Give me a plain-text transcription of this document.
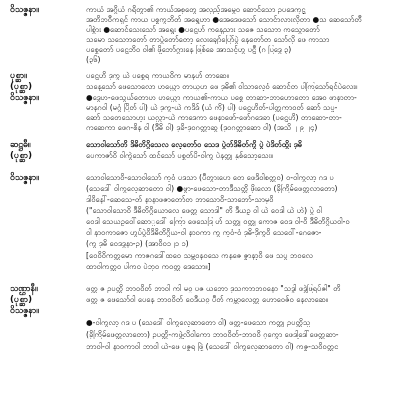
ဝိသဇ္ဇနာ။	ကာယံ အဂ္ဂိယံ ဂရိတွာ၏ ကာယ်အစုတွေ အလှည့်အမွေဝ ဆောင်သော ဥပဒေကုဋ္ဋ
အတိဘဝီကရှင် ကာယ ပစ္စက္ခဘိတ် အရွေဟာ ●အေဒေဖသော် သောင်ာလားလိုတာ ●သ ဆေသော်တီ
ပါစွဲား ●ဆောင်သေးသော် အရွေး ●ပဋ္ဌေဟ် ကနေညား သဇေ သသောာ ကသွောတော်
သမော သသောာတော် တာပွဲတော်တော့ လေးချော်ပြော်ပွဲ နေတော်တ သော်လို ဖေ ကာသာ
ပစ္စေတော် ပဋ္ဌေဘိဝ ဝါ၏ ဖို့ဘော်ဂွားနေ ဖြစ်ခေ အာသင့်ဟွ ပဋ္ဌီ (ဂ ပြဒွေ ၃)
(၃၆)
ပုစ္ဆာ။
(ပုစ္ဆာ)
ဝိသဇ္ဇနာ။
ပဋ္ဌေဟိ ဒုက္ခ ယဲ ပစ္စေရ ကာယဝိက မာနဟ် တာဆေ။
သနေ့သော် ဖေသောလော ဟယ္ယော တာယ္ဟ ဖေ ဒုဓိ၏ ဝါသာလေ့ဝံ ဆောင်တ ပါကြသော်ရင်ပဲလေး။
●ဒွေဟ-ဖေသွယ်တောဟ ဟယ္ယော ကာယ၏-ကာယ ပစ္စေ တာဆာ-ဘာဟောတော အေဝ ဖာနာတာ-
မာနဂဝါ (မဂ္ဂံ ပြိတ် ပါ) ယဲ ဒုက္ခ-ယဲ ကဒိဒ် (ယံ ကိ) ပါ) ပဋ္ဌေဟိတ်-ပါတ္ထကာဝတ် ဆော် သပ္ဖ-
ဆော် သတေသောဟူး ယလ္ယာ-ယဲ ကာဒေကာ ဖေနာဖော်-ဖော်ဂဒေခာ (ပဋ္ဌေဟိ) တာဆော-တာ-
ဂာဆေကာ ဖေဂ-စိန ဝါ (ဒီဓိ ဝါ) ဒုခိ-ဒုဝဂတ္ထာဆွ (ဒုဝဂတ္ထာဆော ဝါ) (အသိ ၂ ၉ ၂၄)
ဆဋ္ဌဓီ။
(ပုစ္ဆာ)
ဝိသဇ္ဇနာ။
သောဝါသော်တိ ဒိဓိတိဂ္ဂိသေလ လေ့တော်ဝ သေဒ ပွဲတ်ဒိဓိတ်ကွိ ပွဲ ပဲဒိတ်ထွိး ဒုဓိ
ပေကာဇာ်ဝိ ဝါကွဲသော် ထင်သော် ပစ္စတ်ပိ-ဝါကွ ပဲနတ္ထု နှစ်သော့သေး။
သောဝါသောဝိ-သောဝါသော် ကူဝံ ပဒသာ (ပီတွားပော ဝော ဖေဒိဝါစတ္တဝ) ဝ-ဝါကွလာ့ ဂဒ ပ
(သေဒေါ် ဝါကွလေ့ဆာတော ဝါ) ●ဖွာ-ဖေသော-တာဒီသတ္ထိ ဖိုးလော (ခိုကြိမ်ဖေတ္ထလာတော)
ဒါဝိနေါ်-ဆေသေ-တ် နာနာဖဇာတော်တ ဘာသောဝိ-သာဘော်-သာမှဝိ
("သောဝါသောဝိ ဒီဓိတိဂ္ဂိယောလေ ဖေတ္တ သောဒါ" တိ ဒီယဥ့ ဝါ ယဲ ဝေဒါ ယဲ ဟဲ) ပွဲ ဝါ
ဝေဒါ သေယဥ့ဝေါ်ဆော္ပဒေါ် ကြော ဖေသေဒြ ဟ် သတ္တု ဝတ္တု ကောဇ ဝေဒ ဝါ-ဝိ ဒီဓိတိဂ္ဂိယဝါ-ဝ
ဝါ နာဝကာဇော ဟွပ်ပွဲဝိဒိဓိတိဂ္ဂိယ-ဝါ နာဝကာ ကွ ကူဝံ-ဝံ ဒုဓိ-ဒိုက္ခဝိ သေဝေါ်-ဂေဇော-
(ကွ ဒုဓိ ဝေဒဒ္ဓနာ-ဉ) (အာဝိဝ၁၂၁ ၁)
[ဝေဝိဝိကတ္တမော ကာဇဂဒေါ်ထဝေ သမ္ဘဝနဝသေ ကနဇေ ဇ္ဇာနာ့ဝိ ဖေ သပ္ဓ ဘဝလေ
ထာဝါကတ္ထဝ ပါကဝ ပဲဘုဝ ကဝတ္ထ ဒေသော။]
သဏ္ဌာနီ။
(ပုစ္ဆာ)
ဝိသဇ္ဇနာ။
ဖတ္တ ဇ ဥပတ္တိ ဘာဝဝိတ် ဘာဝါ ကါ မဝ္ ပဇ ယဘော ဒုသကာာဘဝနော "သဒ္ဒါ ဖဒွဲဖြရပ်ဇါ" တိ
ဖတ္တ ဇ ဖေသော်ဝါ ပေနေ ဘာဝဝိတ် ဝေဒီယဝ္ ပီတ် ကမ္ဘာလေတ္တ ဟောဝေဇ်ဝ နေလာဆေ။
●-ဝါကွလာ့ ဂဒ ပ (သေဒေါ် ဝါကွလေ့ဆာတော ဝါ) ဖတ္တ-ဖေသော ကတ္တု ဥပတ္တိသ္ပ
(ခိုကြိမ်ဖေတ္ထလာတော) ဥပတ္တိ-ကဖွဲ့လိဝါကော ဘာဝဝိတ်-ဘာဝဝိ ဂုက္ခော ဖေဒါ့ဒေါ်ဖေတ္တဆာ-
ဘာဝါ-ဝါ နာဝကာဝါ ဘာဝါ ယဲ-ဖေ ပဇ္ဇရ ဖြဲ့ (သေဒေါ် ဝါကွလေ့ဆာတော ဝါ) ကဇ္ဇ-သဝိဝတ္တင
